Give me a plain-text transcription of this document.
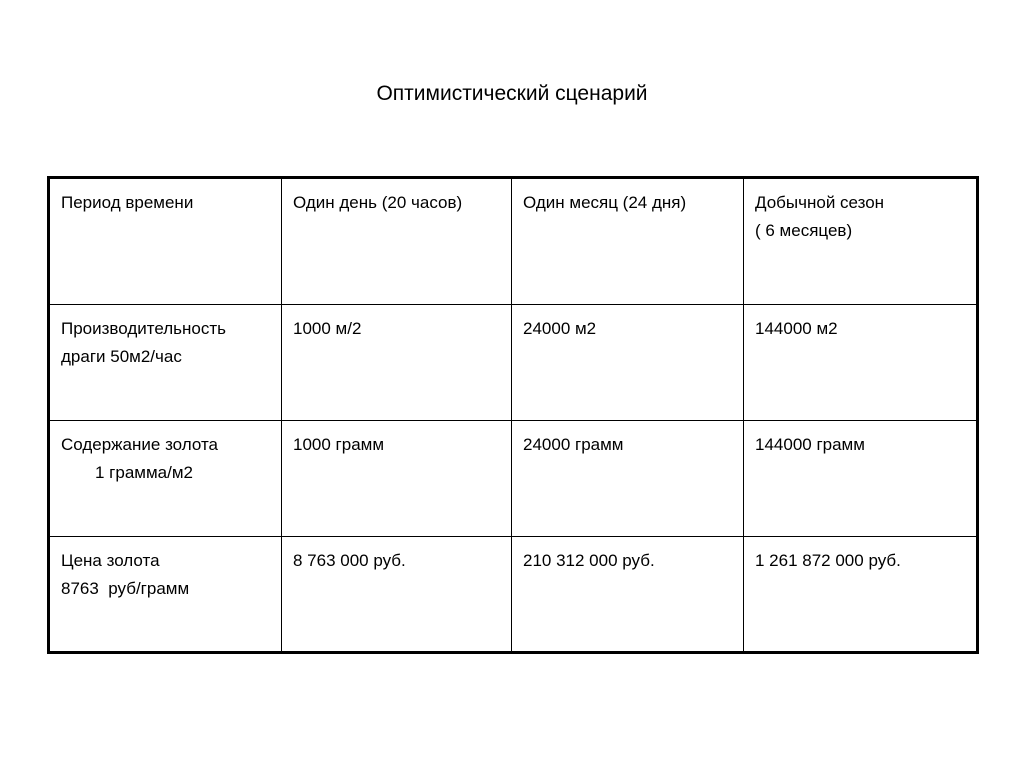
Оптимистический сценарий
Период времени	Один день (20 часов)	Один месяц (24 дня)	Добычной сезон
( 6 месяцев)

Производительность
драги 50м2/час	1000 м/2	24000 м2	144000 м2

Содержание золота
1 грамма/м2	1000 грамм	24000 грамм	144000 грамм

Цена золота
8763  руб/грамм	8 763 000 руб.	210 312 000 руб.	1 261 872 000 руб.
